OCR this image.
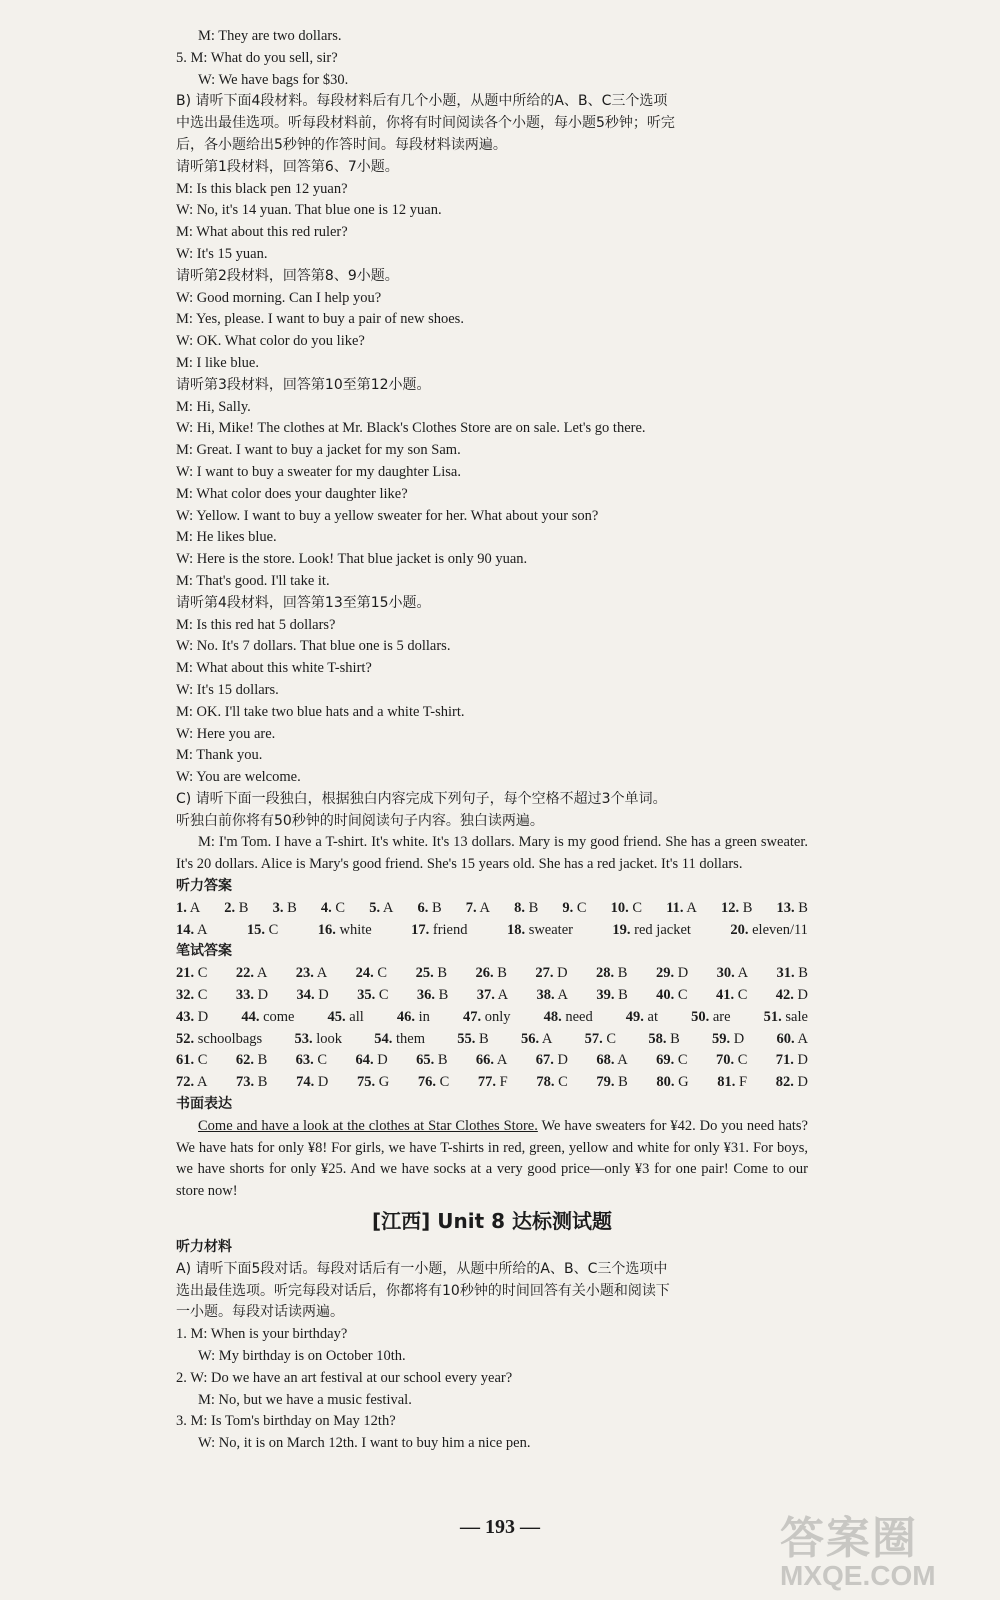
M: They are two dollars.
5. M: What do you sell, sir?
W: We have bags for $30.
B) 请听下面4段材料。每段材料后有几个小题，从题中所给的A、B、C三个选项
中选出最佳选项。听每段材料前，你将有时间阅读各个小题，每小题5秒钟；听完
后，各小题给出5秒钟的作答时间。每段材料读两遍。
请听第1段材料，回答第6、7小题。
M: Is this black pen 12 yuan?
W: No, it's 14 yuan. That blue one is 12 yuan.
M: What about this red ruler?
W: It's 15 yuan.
请听第2段材料，回答第8、9小题。
W: Good morning. Can I help you?
M: Yes, please. I want to buy a pair of new shoes.
W: OK. What color do you like?
M: I like blue.
请听第3段材料，回答第10至第12小题。
M: Hi, Sally.
W: Hi, Mike! The clothes at Mr. Black's Clothes Store are on sale. Let's go there.
M: Great. I want to buy a jacket for my son Sam.
W: I want to buy a sweater for my daughter Lisa.
M: What color does your daughter like?
W: Yellow. I want to buy a yellow sweater for her. What about your son?
M: He likes blue.
W: Here is the store. Look! That blue jacket is only 90 yuan.
M: That's good. I'll take it.
请听第4段材料，回答第13至第15小题。
M: Is this red hat 5 dollars?
W: No. It's 7 dollars. That blue one is 5 dollars.
M: What about this white T-shirt?
W: It's 15 dollars.
M: OK. I'll take two blue hats and a white T-shirt.
W: Here you are.
M: Thank you.
W: You are welcome.
C) 请听下面一段独白，根据独白内容完成下列句子，每个空格不超过3个单词。
听独白前你将有50秒钟的时间阅读句子内容。独白读两遍。
M: I'm Tom. I have a T-shirt. It's white. It's 13 dollars. Mary is my good friend. She has a green sweater. It's 20 dollars. Alice is Mary's good friend. She's 15 years old. She has a red jacket. It's 11 dollars.
听力答案
1. A 2. B 3. B 4. C 5. A 6. B 7. A 8. B 9. C 10. C 11. A 12. B 13. B
14. A	15. C	16. white	17. friend	18. sweater	19. red jacket	20. eleven/11
笔试答案
21. C 22. A 23. A 24. C 25. B 26. B 27. D 28. B 29. D 30. A 31. B
32. C 33. D 34. D 35. C 36. B 37. A 38. A 39. B 40. C 41. C 42. D
43. D 44. come 45. all 46. in 47. only 48. need 49. at 50. are 51. sale
52. schoolbags 53. look 54. them 55. B 56. A 57. C 58. B 59. D 60. A
61. C 62. B 63. C 64. D 65. B 66. A 67. D 68. A 69. C 70. C 71. D
72. A 73. B 74. D 75. G 76. C 77. F 78. C 79. B 80. G 81. F 82. D
书面表达
Come and have a look at the clothes at Star Clothes Store. We have sweaters for ¥42. Do you need hats? We have hats for only ¥8! For girls, we have T-shirts in red, green, yellow and white for only ¥31. For boys, we have shorts for only ¥25. And we have socks at a very good price—only ¥3 for one pair! Come to our store now!
[江西] Unit 8 达标测试题
听力材料
A) 请听下面5段对话。每段对话后有一小题，从题中所给的A、B、C三个选项中
选出最佳选项。听完每段对话后，你都将有10秒钟的时间回答有关小题和阅读下
一小题。每段对话读两遍。
1. M: When is your birthday?
W: My birthday is on October 10th.
2. W: Do we have an art festival at our school every year?
M: No, but we have a music festival.
3. M: Is Tom's birthday on May 12th?
W: No, it is on March 12th. I want to buy him a nice pen.
— 193 —	答案圈
MXQE.COM
